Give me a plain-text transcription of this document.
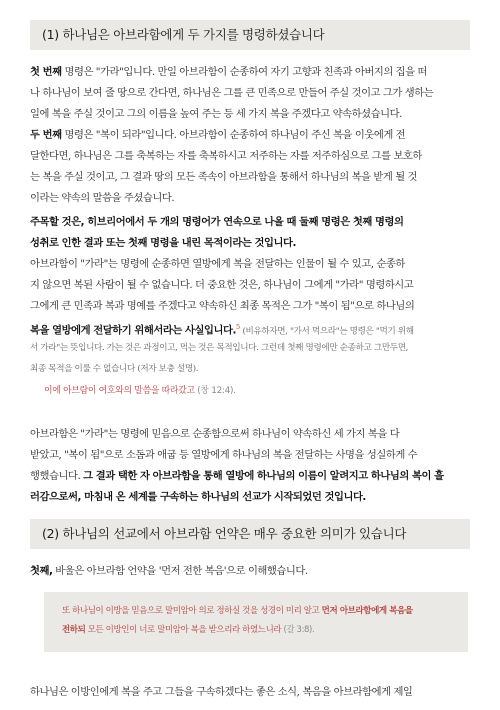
(1) 하나님은 아브라함에게 두 가지를 명령하셨습니다
첫 번째 명령은 "가라"입니다. 만일 아브라함이 순종하여 자기 고향과 친족과 아버지의 집을 떠
나 하나님이 보여 줄 땅으로 간다면, 하나님은 그를 큰 민족으로 만들어 주실 것이고 그가 생하는
일에 복을 주실 것이고 그의 이름을 높여 주는 등 세 가지 복을 주겠다고 약속하셨습니다.
두 번째 명령은 "복이 되라"입니다. 아브라함이 순종하여 하나님이 주신 복을 이웃에게 전
달한다면, 하나님은 그를 축복하는 자를 축복하시고 저주하는 자를 저주하심으로 그를 보호하
는 복을 주실 것이고, 그 결과 땅의 모든 족속이 아브라함을 통해서 하나님의 복을 받게 될 것
이라는 약속의 말씀을 주셨습니다.
주목할 것은, 히브리어에서 두 개의 명령어가 연속으로 나올 때 둘째 명령은 첫째 명령의
성취로 인한 결과 또는 첫째 명령을 내린 목적이라는 것입니다.
아브라함이 "가라"는 명령에 순종하면 열방에게 복을 전달하는 인물이 될 수 있고, 순종하
지 않으면 복된 사람이 될 수 없습니다. 더 중요한 것은, 하나님이 그에게 "가라" 명령하시고
그에게 큰 민족과 복과 명예를 주겠다고 약속하신 최종 목적은 그가 "복이 됨"으로 하나님의
복을 열방에게 전달하기 위해서라는 사실입니다.$^5$ (비유하자면, "가서 먹으라"는 명령은 "먹기 위해
서 가라"는 뜻입니다. 가는 것은 과정이고, 먹는 것은 목적입니다. 그런데 첫째 명령에만 순종하고 그만두면,
최종 목적을 이룰 수 없습니다 (저자 보충 설명).
이에 아브람이 여호와의 말씀을 따라갔고 (창 12:4).
아브라함은 "가라"는 명령에 믿음으로 순종함으로써 하나님이 약속하신 세 가지 복을 다
받았고, "복이 됨"으로 소돔과 애굽 등 열방에게 하나님의 복을 전달하는 사명을 성실하게 수
행했습니다. 그 결과 택한 자 아브라함을 통해 열방에 하나님의 이름이 알려지고 하나님의 복이 흘
러감으로써, 마침내 온 세계를 구속하는 하나님의 선교가 시작되었던 것입니다.
(2) 하나님의 선교에서 아브라함 언약은 매우 중요한 의미가 있습니다
첫째, 바울은 아브라함 언약을 '먼저 전한 복음'으로 이해했습니다.
또 하나님이 이방을 믿음으로 말미암아 의로 정하실 것을 성경이 미리 알고 먼저 아브라함에게 복음을
전하되 모든 이방인이 너로 말미암아 복을 받으리라 하였느니라 (갈 3:8).
하나님은 이방인에게 복을 주고 그들을 구속하겠다는 좋은 소식, 복음을 아브라함에게 제일
